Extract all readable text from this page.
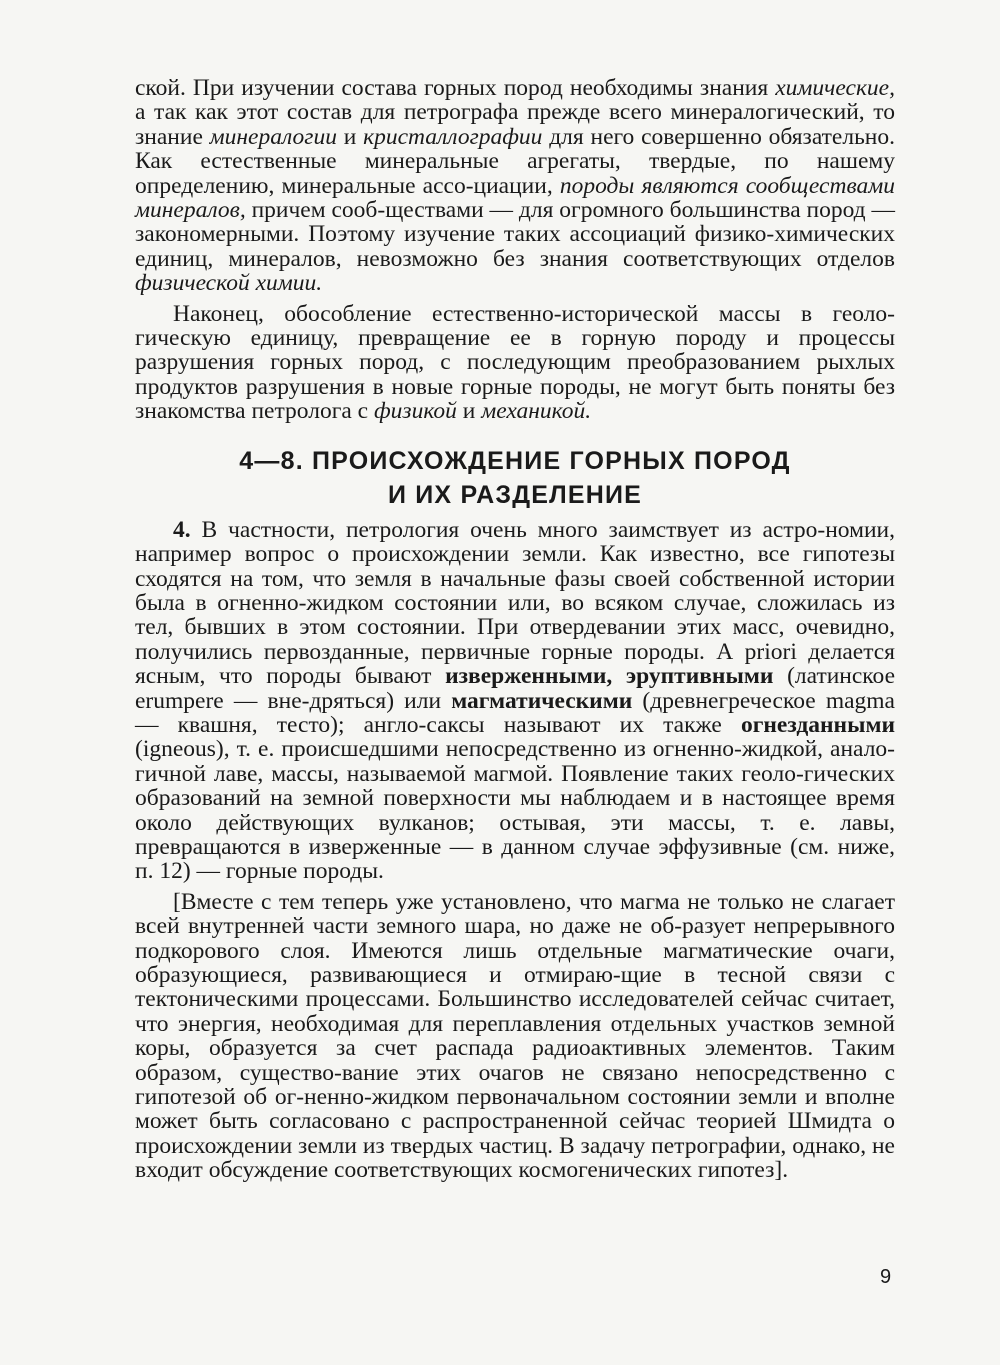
ской. При изучении состава горных пород необходимы знания химические, а так как этот состав для петрографа прежде всего минералогический, то знание минералогии и кристаллографии для него совершенно обязательно. Как естественные минеральные агрегаты, твердые, по нашему определению, минеральные ассо-циации, породы являются сообществами минералов, причем сооб-ществами — для огромного большинства пород — закономерными. Поэтому изучение таких ассоциаций физико-химических единиц, минералов, невозможно без знания соответствующих отделов физической химии.

Наконец, обособление естественно-исторической массы в геоло-гическую единицу, превращение ее в горную породу и процессы разрушения горных пород, с последующим преобразованием рыхлых продуктов разрушения в новые горные породы, не могут быть поняты без знакомства петролога с физикой и механикой.

4—8. ПРОИСХОЖДЕНИЕ ГОРНЫХ ПОРОД
И ИХ РАЗДЕЛЕНИЕ

4. В частности, петрология очень много заимствует из астро-номии, например вопрос о происхождении земли. Как известно, все гипотезы сходятся на том, что земля в начальные фазы своей собственной истории была в огненно-жидком состоянии или, во всяком случае, сложилась из тел, бывших в этом состоянии. При отвердевании этих масс, очевидно, получились первозданные, первичные горные породы. А priori делается ясным, что породы бывают изверженными, эруптивными (латинское erumpere — вне-дряться) или магматическими (древнегреческое magma — квашня, тесто); англо-саксы называют их также огнезданными (igneous), т. е. происшедшими непосредственно из огненно-жидкой, анало-гичной лаве, массы, называемой магмой. Появление таких геоло-гических образований на земной поверхности мы наблюдаем и в настоящее время около действующих вулканов; остывая, эти массы, т. е. лавы, превращаются в изверженные — в данном случае эффузивные (см. ниже, п. 12) — горные породы.

[Вместе с тем теперь уже установлено, что магма не только не слагает всей внутренней части земного шара, но даже не об-разует непрерывного подкорового слоя. Имеются лишь отдельные магматические очаги, образующиеся, развивающиеся и отмираю-щие в тесной связи с тектоническими процессами. Большинство исследователей сейчас считает, что энергия, необходимая для переплавления отдельных участков земной коры, образуется за счет распада радиоактивных элементов. Таким образом, существо-вание этих очагов не связано непосредственно с гипотезой об ог-ненно-жидком первоначальном состоянии земли и вполне может быть согласовано с распространенной сейчас теорией Шмидта о происхождении земли из твердых частиц. В задачу петрографии, однако, не входит обсуждение соответствующих космогенических гипотез].

9
